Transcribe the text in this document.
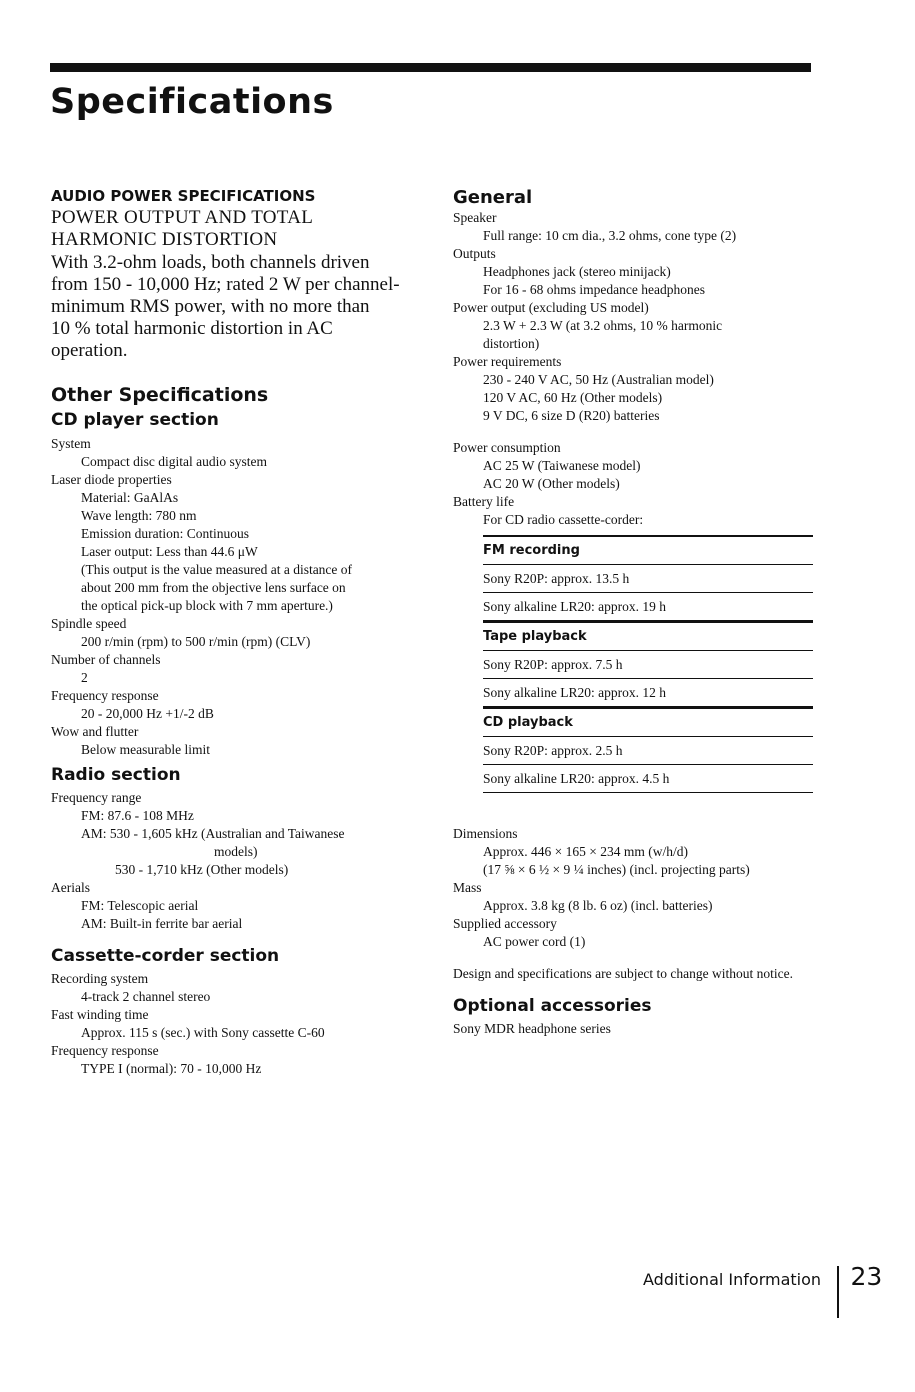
Specifications
AUDIO POWER SPECIFICATIONS
POWER OUTPUT AND TOTAL
HARMONIC DISTORTION
With 3.2-ohm loads, both channels driven
from 150 - 10,000 Hz; rated 2 W per channel-
minimum RMS power, with no more than
10 % total harmonic distortion in AC
operation.
Other Specifications
CD player section
System
Compact disc digital audio system
Laser diode properties
Material: GaAlAs
Wave length: 780 nm
Emission duration: Continuous
Laser output: Less than 44.6 μW
(This output is the value measured at a distance of
about 200 mm from the objective lens surface on
the optical pick-up block with 7 mm aperture.)
Spindle speed
200 r/min (rpm) to 500 r/min (rpm) (CLV)
Number of channels
2
Frequency response
20 - 20,000 Hz +1/-2 dB
Wow and flutter
Below measurable limit
Radio section
Frequency range
FM: 87.6 - 108 MHz
AM: 530 - 1,605 kHz (Australian and Taiwanese
models)
530 - 1,710 kHz (Other models)
Aerials
FM: Telescopic aerial
AM: Built-in ferrite bar aerial
Cassette-corder section
Recording system
4-track 2 channel stereo
Fast winding time
Approx. 115 s (sec.) with Sony cassette C-60
Frequency response
TYPE I (normal): 70 - 10,000 Hz
General
Speaker
Full range: 10 cm dia., 3.2 ohms, cone type (2)
Outputs
Headphones jack (stereo minijack)
For 16 - 68 ohms impedance headphones
Power output (excluding US model)
2.3 W + 2.3 W (at 3.2 ohms, 10 % harmonic
distortion)
Power requirements
230 - 240 V AC, 50 Hz (Australian model)
120 V AC, 60 Hz (Other models)
9 V DC, 6 size D (R20) batteries
Power consumption
AC 25 W (Taiwanese model)
AC 20 W (Other models)
Battery life
For CD radio cassette-corder:
FM recording
Sony R20P: approx. 13.5 h
Sony alkaline LR20: approx. 19 h
Tape playback
Sony R20P: approx. 7.5 h
Sony alkaline LR20: approx. 12 h
CD playback
Sony R20P: approx. 2.5 h
Sony alkaline LR20: approx. 4.5 h
Dimensions
Approx. 446 × 165 × 234 mm (w/h/d)
(17 ⅝ × 6 ½ × 9 ¼ inches) (incl. projecting parts)
Mass
Approx. 3.8 kg (8 lb. 6 oz) (incl. batteries)
Supplied accessory
AC power cord (1)
Design and specifications are subject to change without notice.
Optional accessories
Sony MDR headphone series
Additional Information 23
